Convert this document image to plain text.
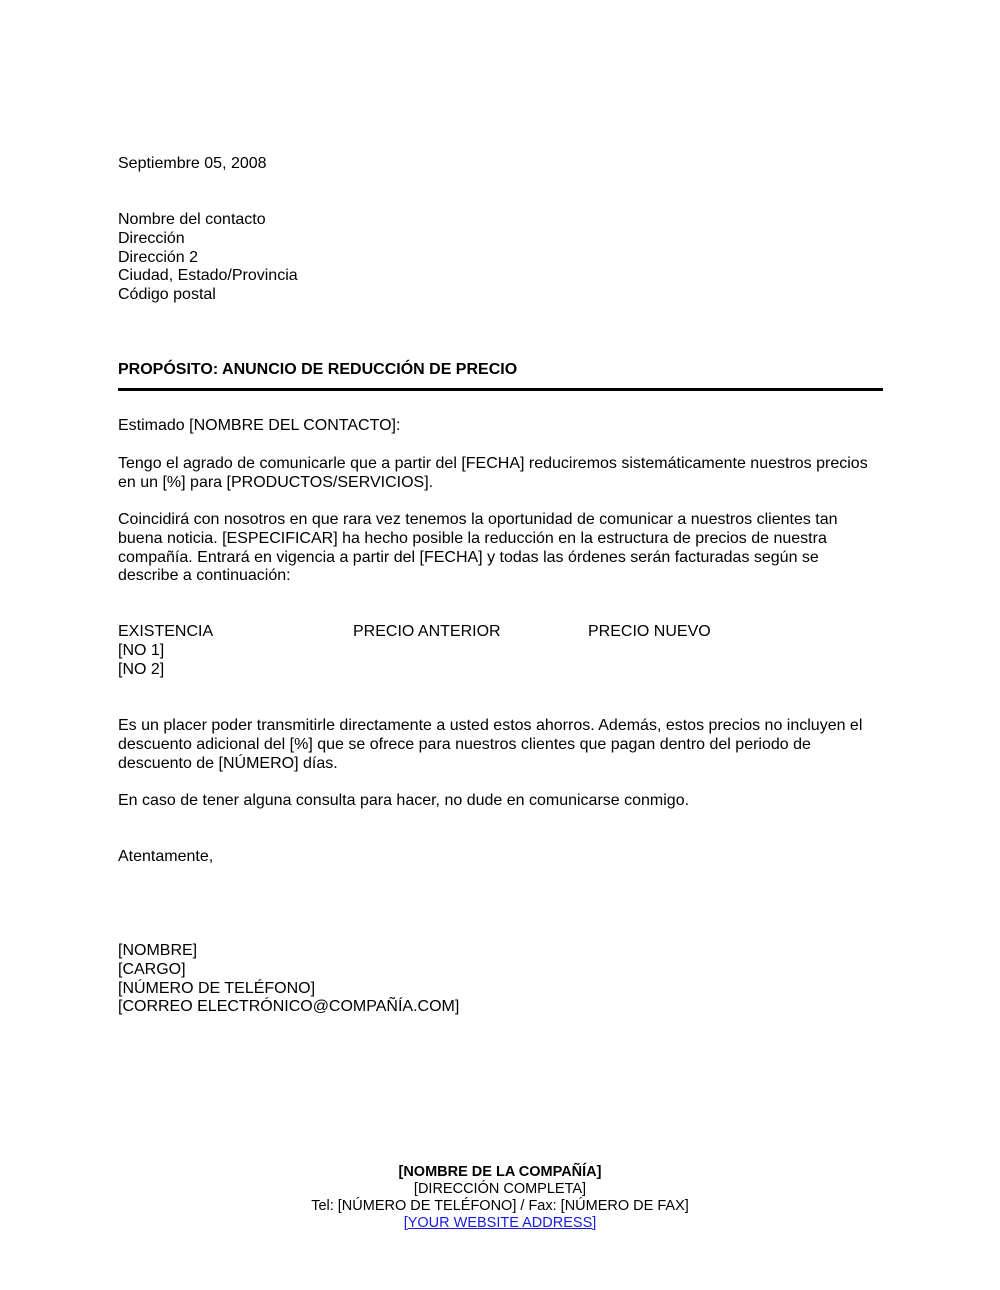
Septiembre 05, 2008
Nombre del contacto
Dirección
Dirección 2
Ciudad, Estado/Provincia
Código postal
PROPÓSITO: ANUNCIO DE REDUCCIÓN DE PRECIO
Estimado [NOMBRE DEL CONTACTO]:
Tengo el agrado de comunicarle que a partir del [FECHA] reduciremos sistemáticamente nuestros precios en un [%] para [PRODUCTOS/SERVICIOS].
Coincidirá con nosotros en que rara vez tenemos la oportunidad de comunicar a nuestros clientes tan buena noticia. [ESPECIFICAR] ha hecho posible la reducción en la estructura de precios de nuestra compañía. Entrará en vigencia a partir del [FECHA] y todas las órdenes serán facturadas según se describe a continuación:
EXISTENCIA	PRECIO ANTERIOR	PRECIO NUEVO
[NO 1]
[NO 2]
Es un placer poder transmitirle directamente a usted estos ahorros. Además, estos precios no incluyen el descuento adicional del [%] que se ofrece para nuestros clientes que pagan dentro del periodo de descuento de [NÚMERO] días.
En caso de tener alguna consulta para hacer, no dude en comunicarse conmigo.
Atentamente,
[NOMBRE]
[CARGO]
[NÚMERO DE TELÉFONO]
[CORREO ELECTRÓNICO@COMPAÑÍA.COM]
[NOMBRE DE LA COMPAÑÍA]
[DIRECCIÓN COMPLETA]
Tel: [NÚMERO DE TELÉFONO] / Fax: [NÚMERO DE FAX]
[YOUR WEBSITE ADDRESS]
